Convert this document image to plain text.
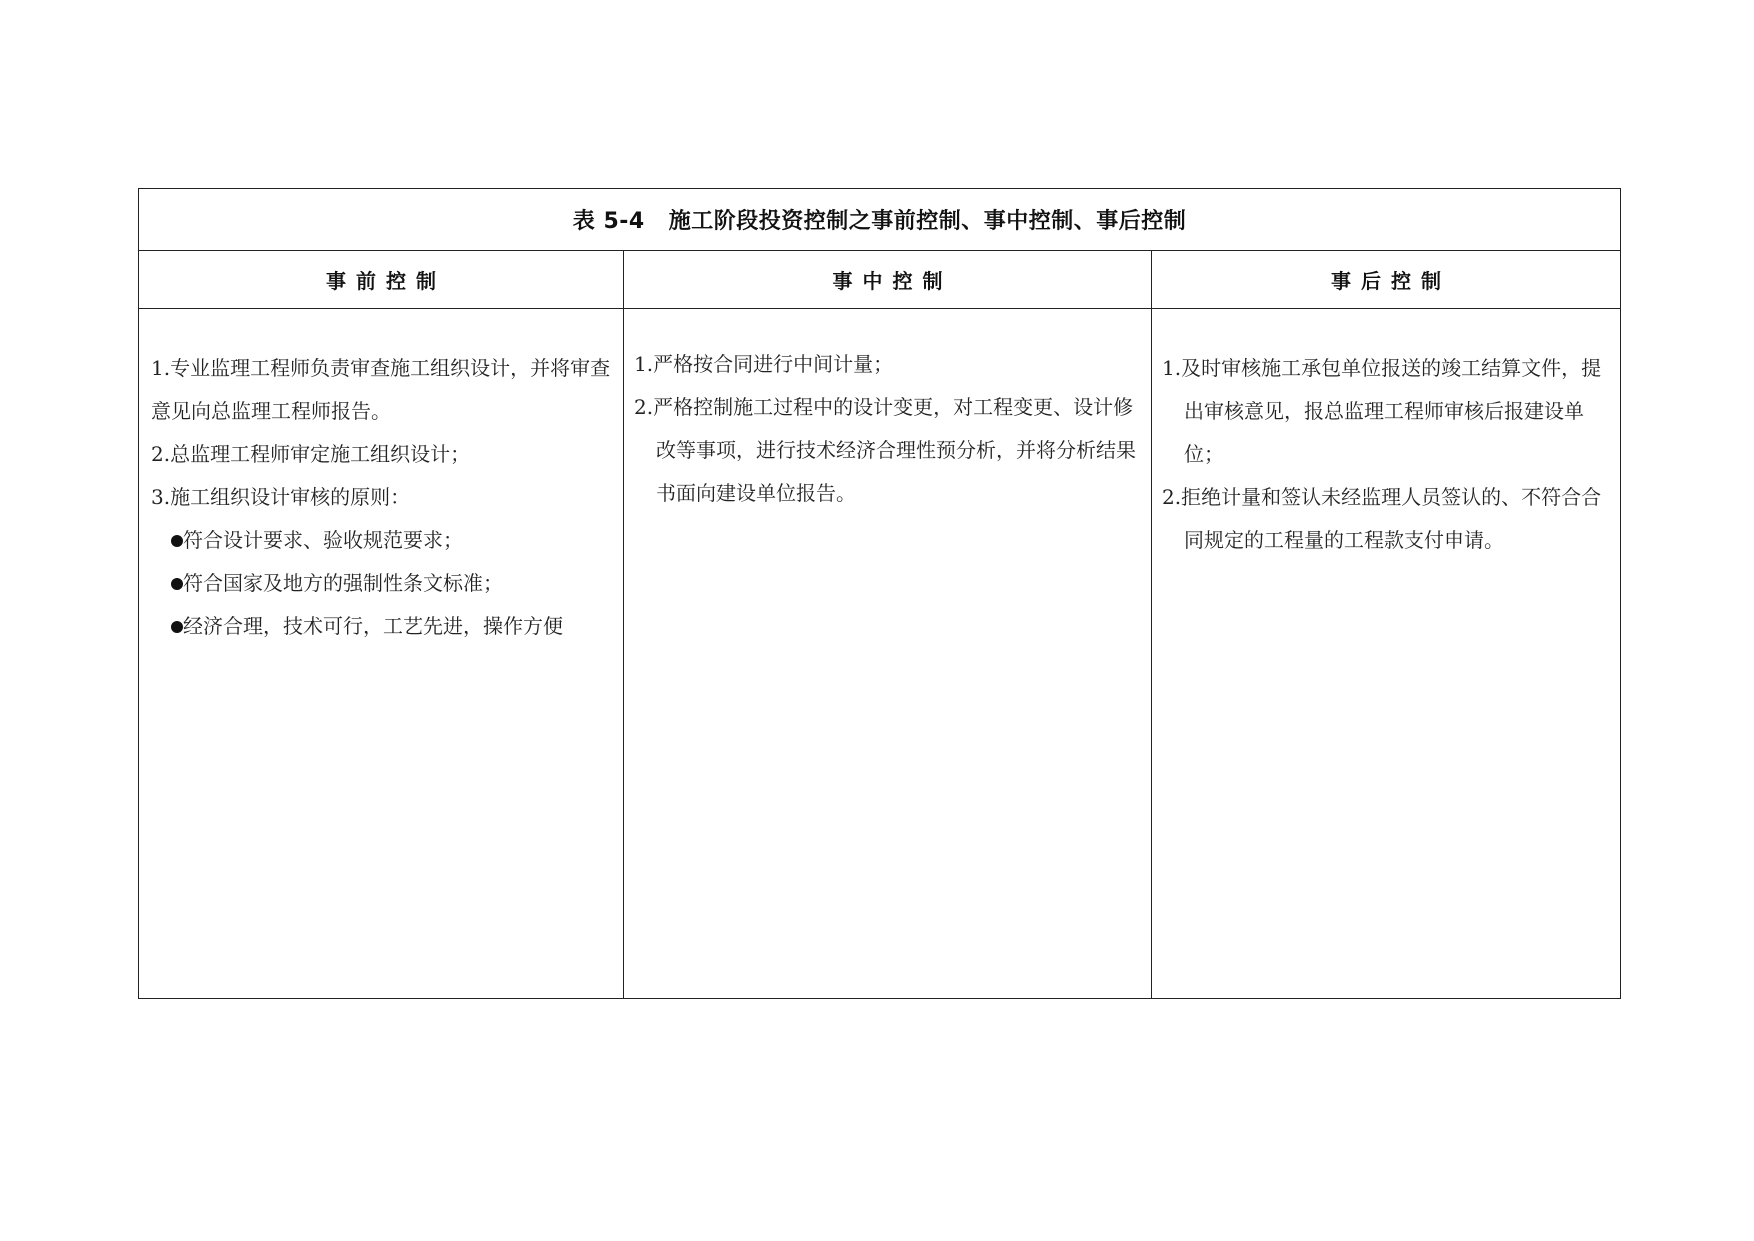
表 5-4 施工阶段投资控制之事前控制、事中控制、事后控制
事前控制
1.专业监理工程师负责审查施工组织设计，并将审查意见向总监理工程师报告。
2.总监理工程师审定施工组织设计；
3.施工组织设计审核的原则：
符合设计要求、验收规范要求；
符合国家及地方的强制性条文标准；
经济合理，技术可行，工艺先进，操作方便
事中控制
1.严格按合同进行中间计量；
2.严格控制施工过程中的设计变更，对工程变更、设计修改等事项，进行技术经济合理性预分析，并将分析结果书面向建设单位报告。
事后控制
1.及时审核施工承包单位报送的竣工结算文件，提出审核意见，报总监理工程师审核后报建设单位；
2.拒绝计量和签认未经监理人员签认的、不符合合同规定的工程量的工程款支付申请。
